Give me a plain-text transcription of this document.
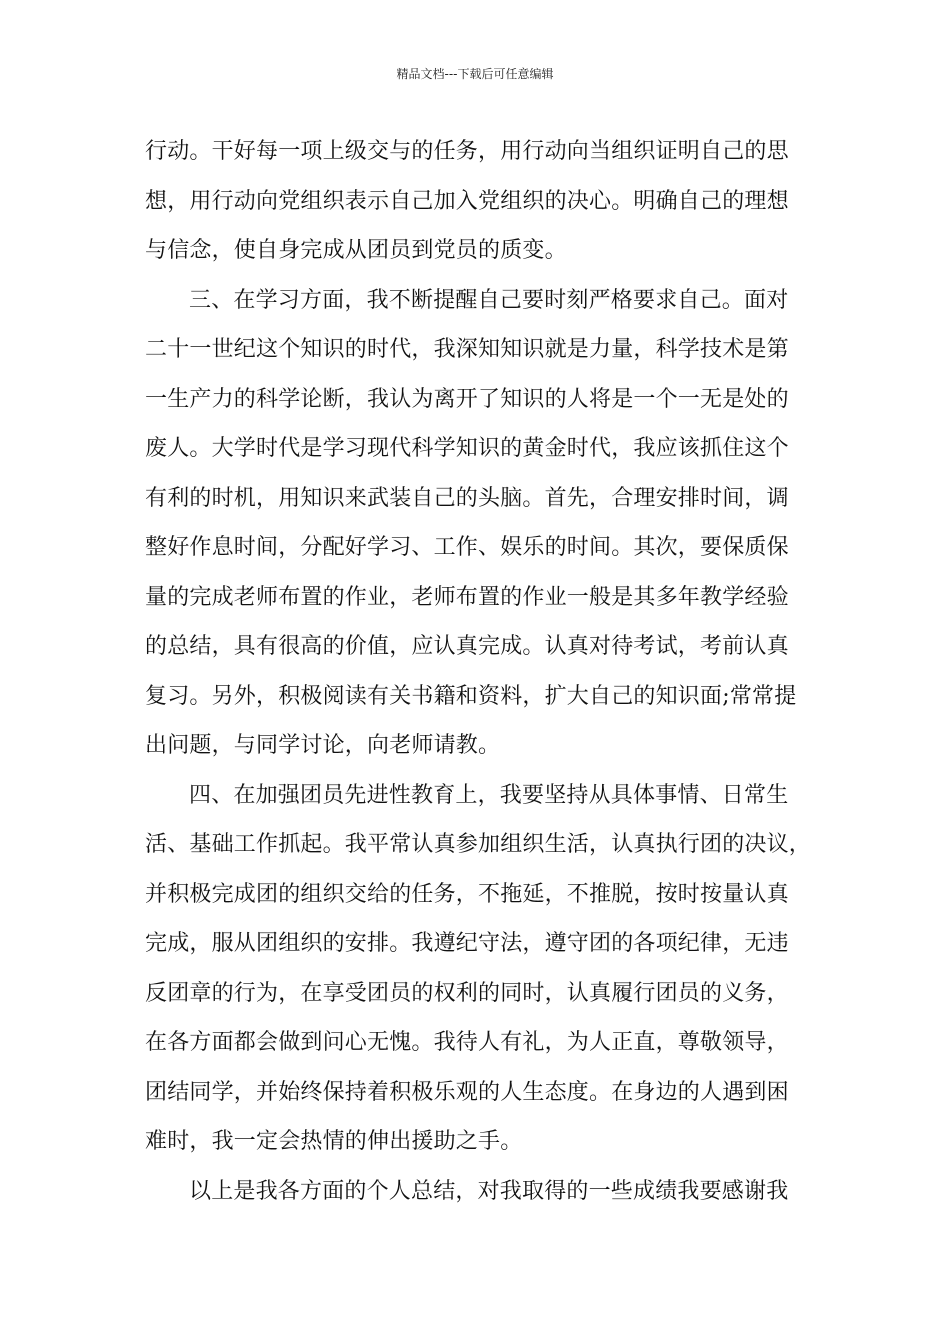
精品文档---下载后可任意编辑
行动。干好每一项上级交与的任务，用行动向当组织证明自己的思
想，用行动向党组织表示自己加入党组织的决心。明确自己的理想
与信念，使自身完成从团员到党员的质变。
三、在学习方面，我不断提醒自己要时刻严格要求自己。面对
二十一世纪这个知识的时代，我深知知识就是力量，科学技术是第
一生产力的科学论断，我认为离开了知识的人将是一个一无是处的
废人。大学时代是学习现代科学知识的黄金时代，我应该抓住这个
有利的时机，用知识来武装自己的头脑。首先，合理安排时间，调
整好作息时间，分配好学习、工作、娱乐的时间。其次，要保质保
量的完成老师布置的作业，老师布置的作业一般是其多年教学经验
的总结，具有很高的价值，应认真完成。认真对待考试，考前认真
复习。另外，积极阅读有关书籍和资料，扩大自己的知识面;常常提
出问题，与同学讨论，向老师请教。
四、在加强团员先进性教育上，我要坚持从具体事情、日常生
活、基础工作抓起。我平常认真参加组织生活，认真执行团的决议，
并积极完成团的组织交给的任务，不拖延，不推脱，按时按量认真
完成，服从团组织的安排。我遵纪守法，遵守团的各项纪律，无违
反团章的行为，在享受团员的权利的同时，认真履行团员的义务，
在各方面都会做到问心无愧。我待人有礼，为人正直，尊敬领导，
团结同学，并始终保持着积极乐观的人生态度。在身边的人遇到困
难时，我一定会热情的伸出援助之手。
以上是我各方面的个人总结，对我取得的一些成绩我要感谢我
